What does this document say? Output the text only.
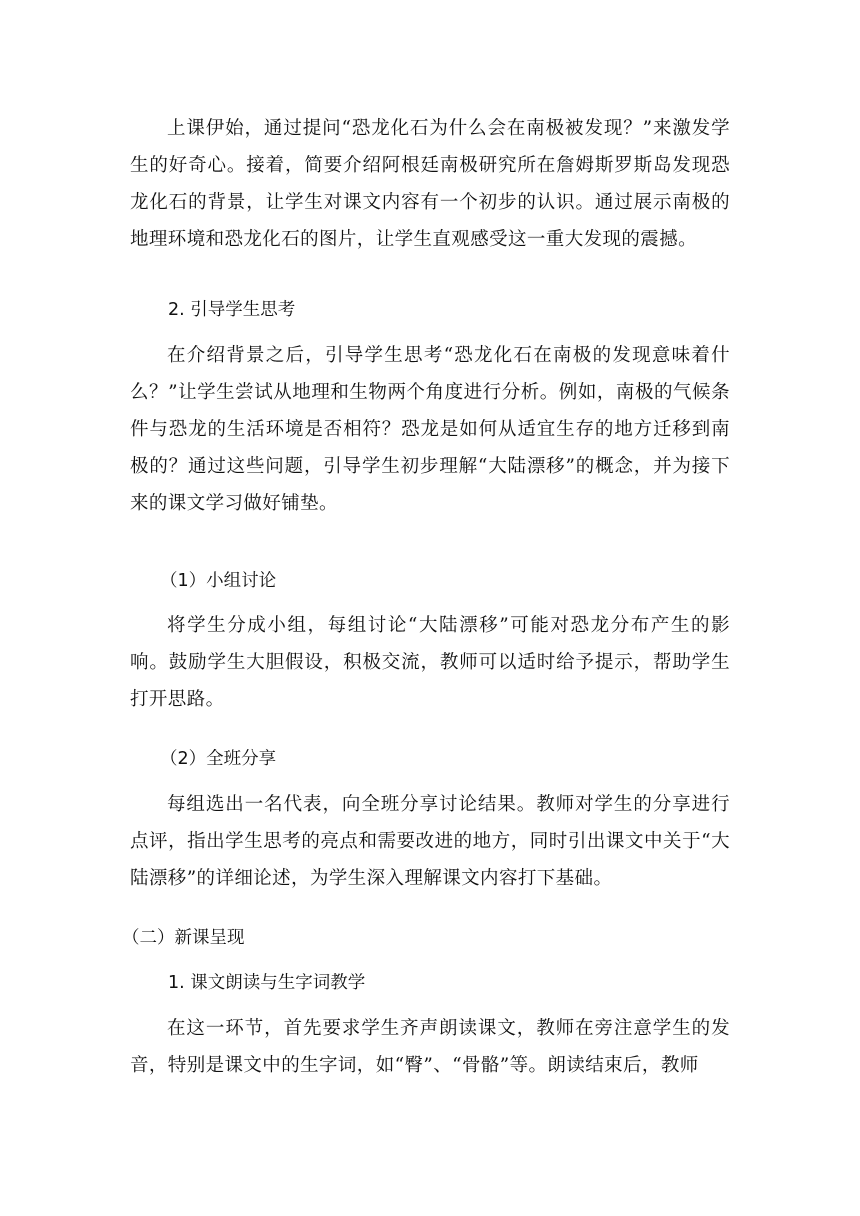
上课伊始，通过提问“恐龙化石为什么会在南极被发现？”来激发学生的好奇心。接着，简要介绍阿根廷南极研究所在詹姆斯罗斯岛发现恐龙化石的背景，让学生对课文内容有一个初步的认识。通过展示南极的地理环境和恐龙化石的图片，让学生直观感受这一重大发现的震撼。

2. 引导学生思考

在介绍背景之后，引导学生思考“恐龙化石在南极的发现意味着什么？”让学生尝试从地理和生物两个角度进行分析。例如，南极的气候条件与恐龙的生活环境是否相符？恐龙是如何从适宜生存的地方迁移到南极的？通过这些问题，引导学生初步理解“大陆漂移”的概念，并为接下来的课文学习做好铺垫。

（1）小组讨论

将学生分成小组，每组讨论“大陆漂移”可能对恐龙分布产生的影响。鼓励学生大胆假设，积极交流，教师可以适时给予提示，帮助学生打开思路。

（2）全班分享

每组选出一名代表，向全班分享讨论结果。教师对学生的分享进行点评，指出学生思考的亮点和需要改进的地方，同时引出课文中关于“大陆漂移”的详细论述，为学生深入理解课文内容打下基础。

（二）新课呈现

1. 课文朗读与生字词教学

在这一环节，首先要求学生齐声朗读课文，教师在旁注意学生的发音，特别是课文中的生字词，如“臀”、“骨骼”等。朗读结束后，教师
